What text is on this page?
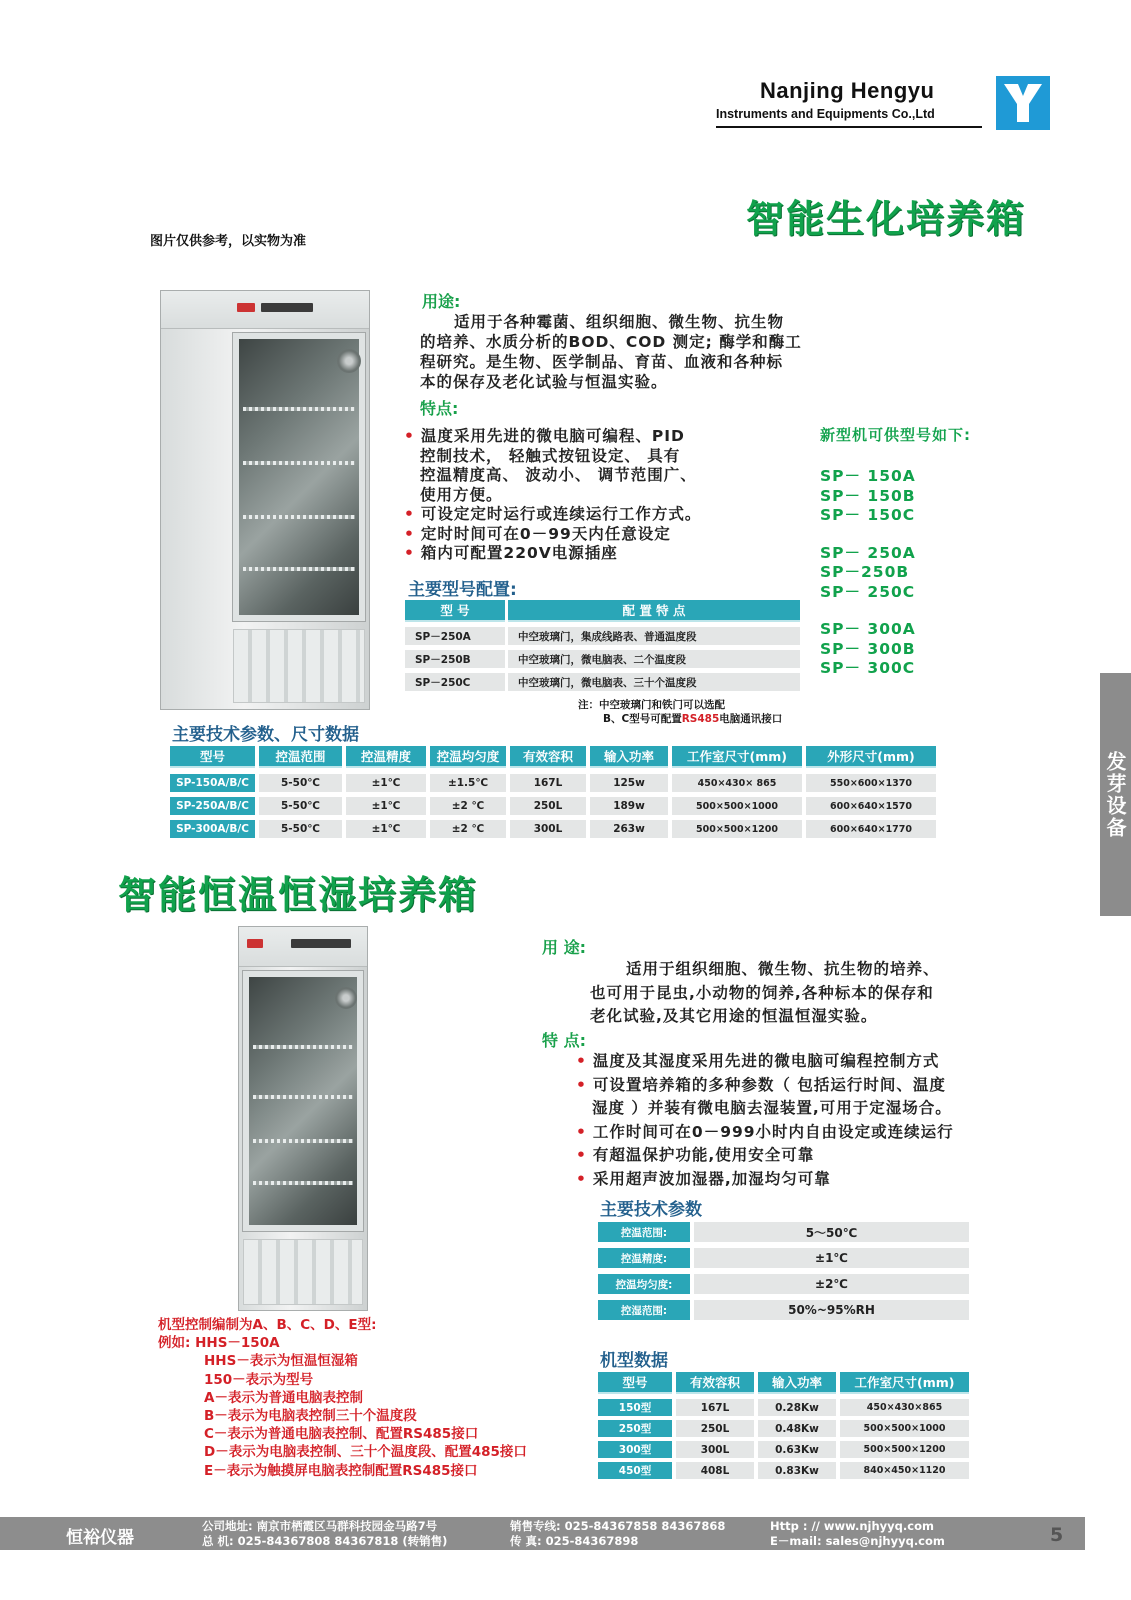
Nanjing Hengyu
Instruments and Equipments Co.,Ltd
智能生化培养箱
图片仅供参考，以实物为准
用途:
适用于各种霉菌、组织细胞、微生物、抗生物
的培养、水质分析的BOD、COD 测定; 酶学和酶工
程研究。是生物、医学制品、育苗、血液和各种标
本的保存及老化试验与恒温实验。
特点:
• 温度采用先进的微电脑可编程、PID
控制技术， 轻触式按钮设定、 具有
控温精度高、 波动小、 调节范围广、
使用方便。
• 可设定定时运行或连续运行工作方式。
• 定时时间可在0－99天内任意设定
• 箱内可配置220V电源插座
新型机可供型号如下:
SP－ 150A
SP－ 150B
SP－ 150C
SP－ 250A
SP－250B
SP－ 250C
SP－ 300A
SP－ 300B
SP－ 300C
主要型号配置:
型 号	配 置 特 点
SP－250A	中空玻璃门，集成线路表、普通温度段
SP－250B	中空玻璃门，微电脑表、二个温度段
SP－250C	中空玻璃门，微电脑表、三十个温度段
注：中空玻璃门和铁门可以选配
B、C型号可配置RS485电脑通讯接口
主要技术参数、尺寸数据
型号	控温范围	控温精度	控温均匀度	有效容积	输入功率	工作室尺寸(mm)	外形尺寸(mm)
SP-150A/B/C	5-50℃	±1℃	±1.5℃	167L	125w	450×430× 865	550×600×1370
SP-250A/B/C	5-50℃	±1℃	±2 ℃	250L	189w	500×500×1000	600×640×1570
SP-300A/B/C	5-50℃	±1℃	±2 ℃	300L	263w	500×500×1200	600×640×1770	发芽设备
智能恒温恒湿培养箱
用 途:
适用于组织细胞、微生物、抗生物的培养、
也可用于昆虫,小动物的饲养,各种标本的保存和
老化试验,及其它用途的恒温恒湿实验。
特 点:
• 温度及其湿度采用先进的微电脑可编程控制方式
• 可设置培养箱的多种参数（ 包括运行时间、温度
湿度 ）并装有微电脑去湿装置,可用于定湿场合。
• 工作时间可在0－999小时内自由设定或连续运行
• 有超温保护功能,使用安全可靠
• 采用超声波加湿器,加湿均匀可靠
主要技术参数
控温范围:	5～50℃
控温精度:	±1℃
控温均匀度:	±2℃
控湿范围:	50%~95%RH
机型数据
型号	有效容积	输入功率	工作室尺寸(mm)
150型	167L	0.28Kw	450×430×865
250型	250L	0.48Kw	500×500×1000
300型	300L	0.63Kw	500×500×1200
450型	408L	0.83Kw	840×450×1120
机型控制编制为A、B、C、D、E型:
例如: HHS－150A
HHS－表示为恒温恒湿箱
150－表示为型号
A－表示为普通电脑表控制
B－表示为电脑表控制三十个温度段
C－表示为普通电脑表控制、配置RS485接口
D－表示为电脑表控制、三十个温度段、配置485接口
E－表示为触摸屏电脑表控制配置RS485接口
恒裕仪器
公司地址: 南京市栖霞区马群科技园金马路7号
总 机: 025-84367808 84367818 (转销售)
销售专线: 025-84367858 84367868
传 真: 025-84367898
Http : // www.njhyyq.com
E－mail: sales@njhyyq.com	5
